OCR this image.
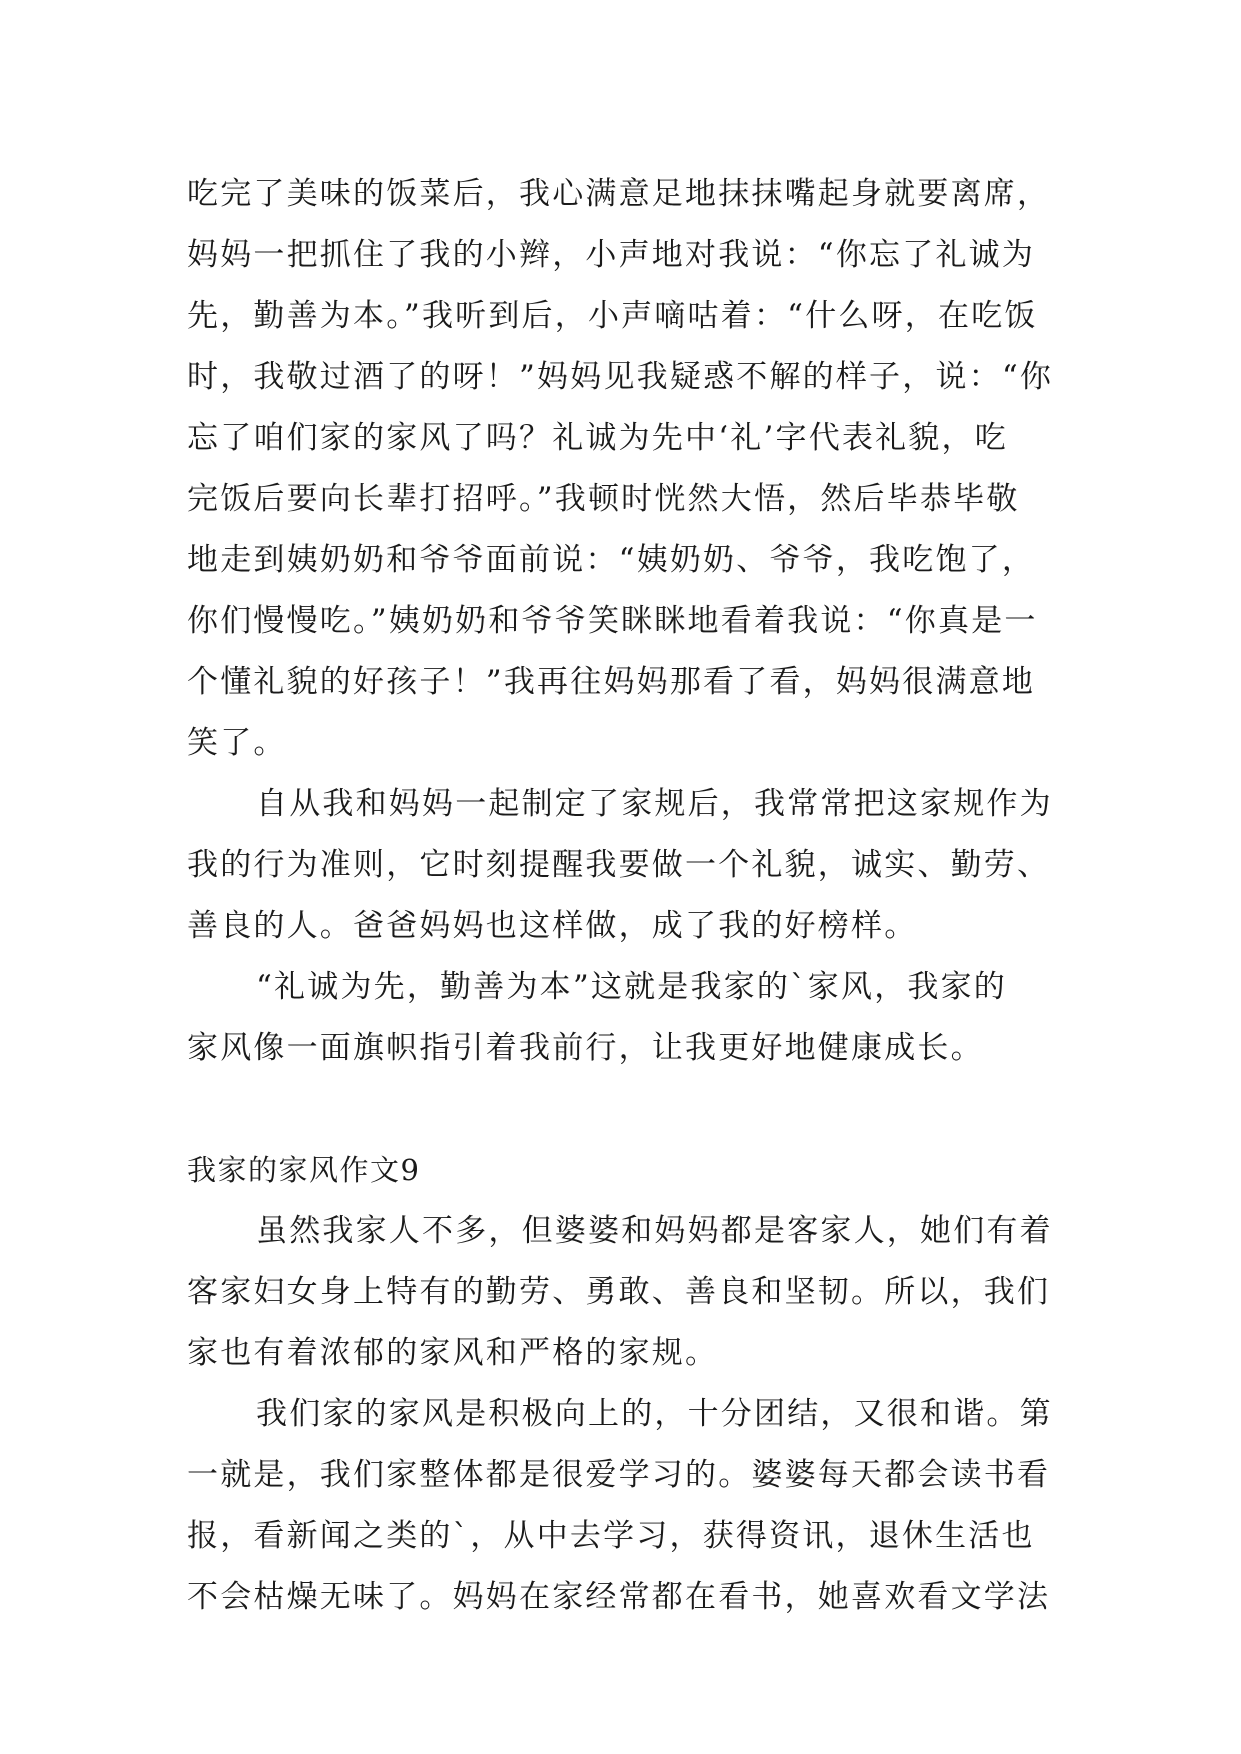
吃完了美味的饭菜后，我心满意足地抹抹嘴起身就要离席，
妈妈一把抓住了我的小辫，小声地对我说：“你忘了礼诚为
先，勤善为本。”我听到后，小声嘀咕着：“什么呀，在吃饭
时，我敬过酒了的呀！”妈妈见我疑惑不解的样子，说：“你
忘了咱们家的家风了吗？礼诚为先中‘礼’字代表礼貌，吃
完饭后要向长辈打招呼。”我顿时恍然大悟，然后毕恭毕敬
地走到姨奶奶和爷爷面前说：“姨奶奶、爷爷，我吃饱了，
你们慢慢吃。”姨奶奶和爷爷笑眯眯地看着我说：“你真是一
个懂礼貌的好孩子！”我再往妈妈那看了看，妈妈很满意地
笑了。
自从我和妈妈一起制定了家规后，我常常把这家规作为
我的行为准则，它时刻提醒我要做一个礼貌，诚实、勤劳、
善良的人。爸爸妈妈也这样做，成了我的好榜样。
“礼诚为先，勤善为本”这就是我家的`家风，我家的
家风像一面旗帜指引着我前行，让我更好地健康成长。
我家的家风作文9
虽然我家人不多，但婆婆和妈妈都是客家人，她们有着
客家妇女身上特有的勤劳、勇敢、善良和坚韧。所以，我们
家也有着浓郁的家风和严格的家规。
我们家的家风是积极向上的，十分团结，又很和谐。第
一就是，我们家整体都是很爱学习的。婆婆每天都会读书看
报，看新闻之类的`，从中去学习，获得资讯，退休生活也
不会枯燥无味了。妈妈在家经常都在看书，她喜欢看文学法
